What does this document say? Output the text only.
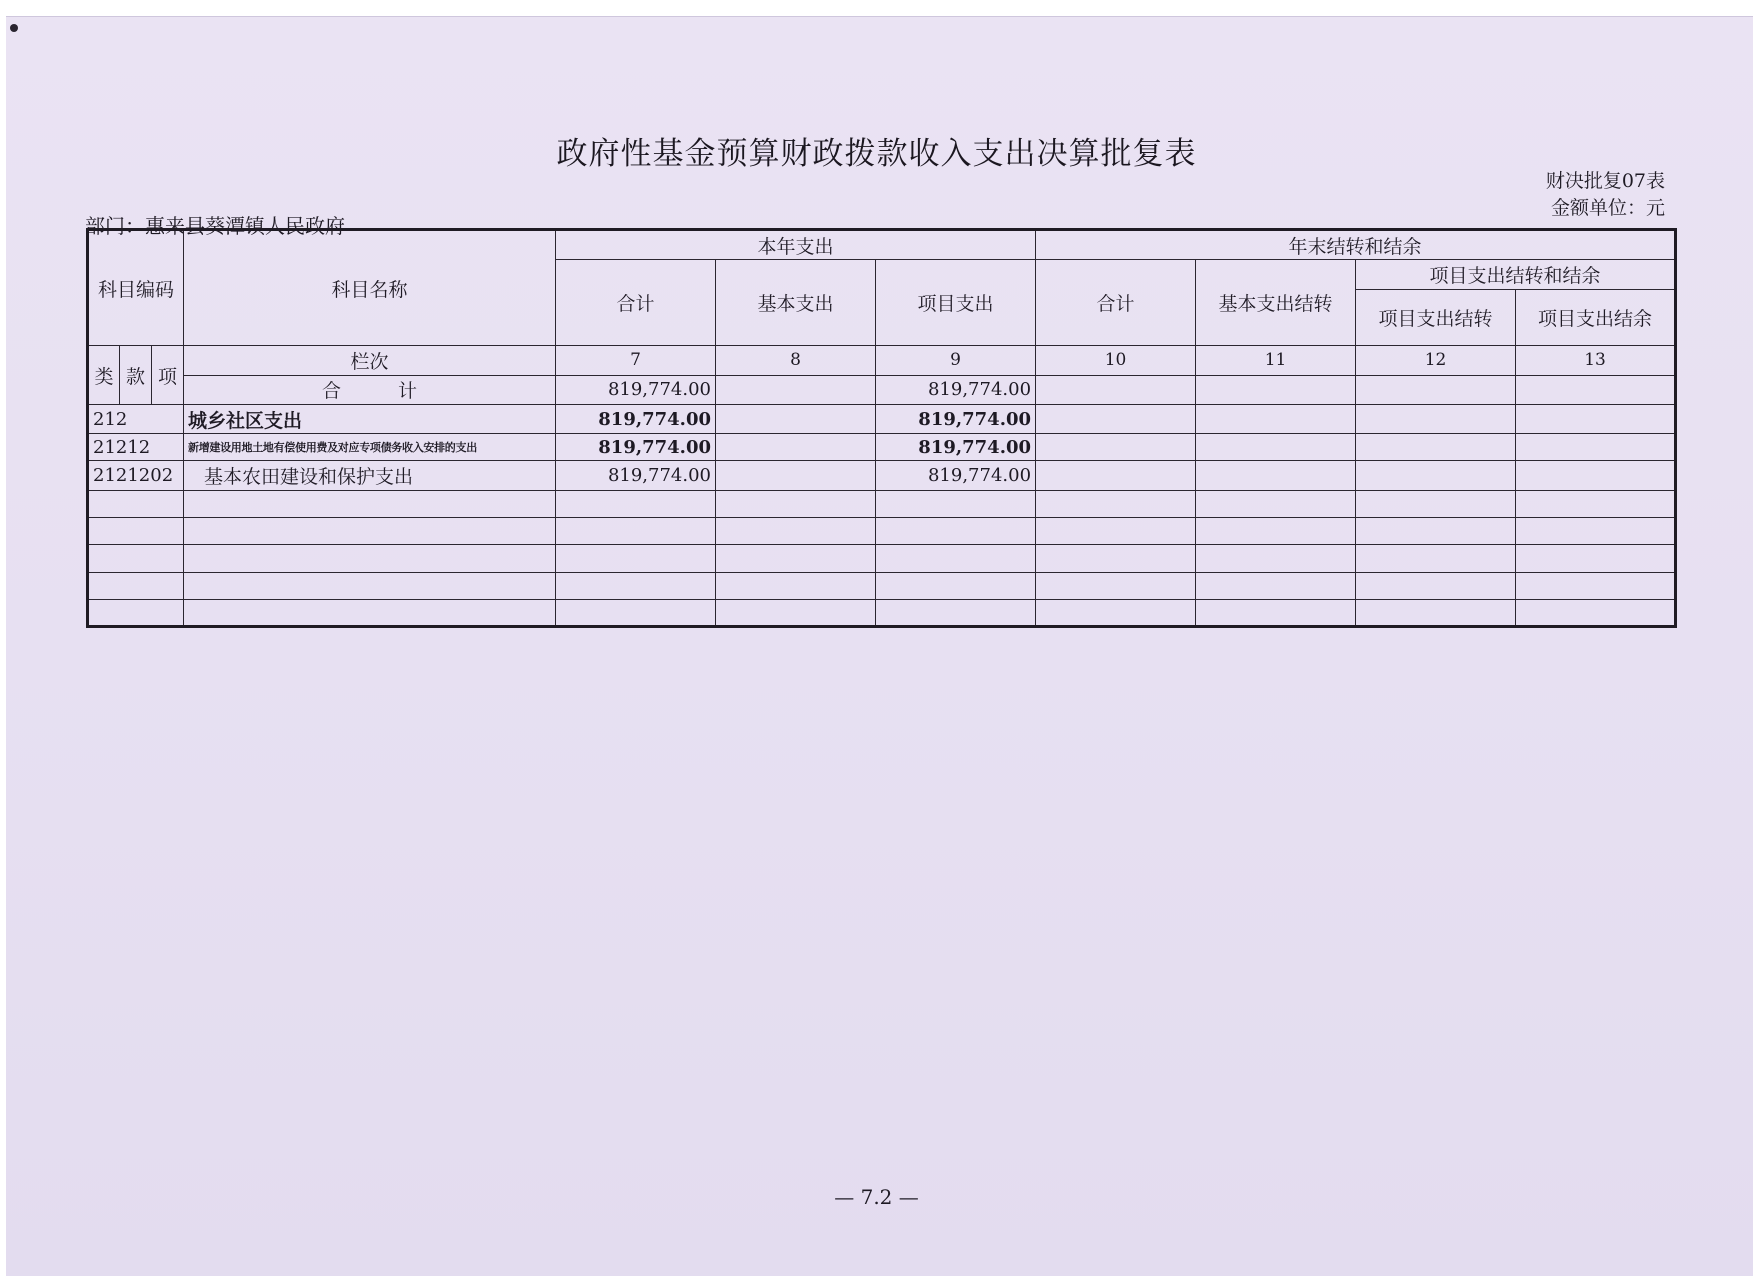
政府性基金预算财政拨款收入支出决算批复表
财决批复07表
金额单位：元
部门：惠来县葵潭镇人民政府
科目编码			科目名称	本年支出			年末结转和结余			
				合计	基本支出	项目支出	合计	基本支出结转	项目支出结转和结余	
									项目支出结转	项目支出结余
类	款	项	栏次	7	8	9	10	11	12	13
			合　　　计	819,774.00		819,774.00				
212			城乡社区支出	819,774.00		819,774.00				
21212			新增建设用地土地有偿使用费及对应专项债务收入安排的支出	819,774.00		819,774.00				
2121202			基本农田建设和保护支出	819,774.00		819,774.00				

— 7.2 —
